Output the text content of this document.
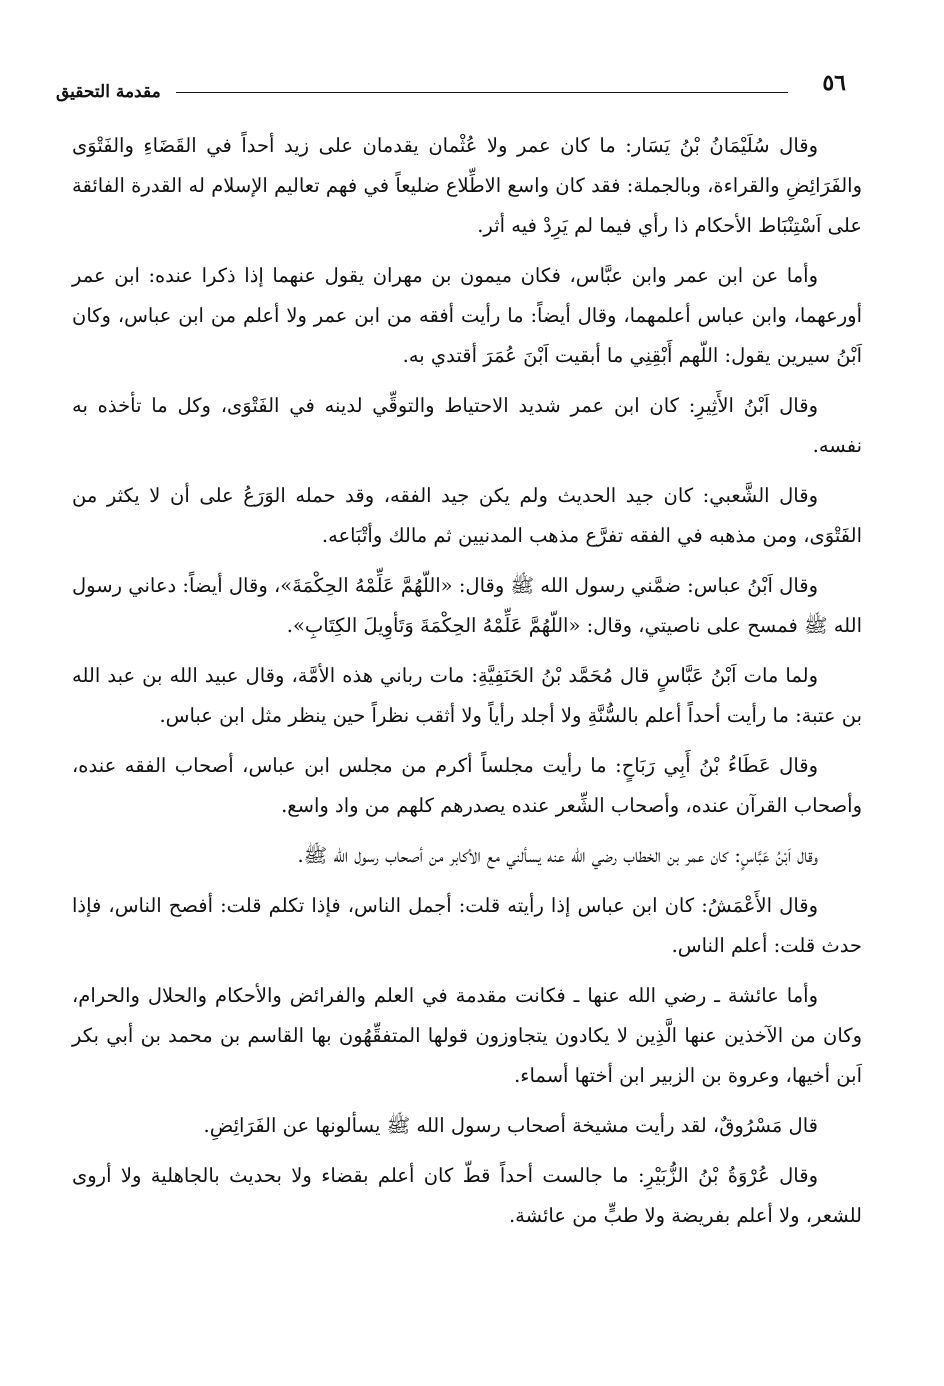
٥٦
مقدمة التحقيق

وقال سُلَيْمَانُ بْنُ يَسَار: ما كان عمر ولا عُثْمان يقدمان على زيد أحداً في القَضَاءِ والفَتْوَى والفَرَائِضِ والقراءة، وبالجملة: فقد كان واسع الاطِّلاع ضليعاً في فهم تعاليم الإسلام له القدرة الفائقة على اَسْتِنْبَاط الأحكام ذا رأي فيما لم يَرِدْ فيه أثر.

وأما عن ابن عمر وابن عبَّاس، فكان ميمون بن مهران يقول عنهما إذا ذكرا عنده: ابن عمر أورعهما، وابن عباس أعلمهما، وقال أيضاً: ما رأيت أفقه من ابن عمر ولا أعلم من ابن عباس، وكان اَبْنُ سيرين يقول: اللّهم أَبْقِنِي ما أبقيت اَبْنَ عُمَرَ أقتدي به.

وقال اَبْنُ الأَثِيرِ: كان ابن عمر شديد الاحتياط والتوقِّي لدينه في الفَتْوَى، وكل ما تأخذه به نفسه.

وقال الشَّعبي: كان جيد الحديث ولم يكن جيد الفقه، وقد حمله الوَرَعُ على أن لا يكثر من الفَتْوَى، ومن مذهبه في الفقه تفرَّع مذهب المدنيين ثم مالك وأتْبَاعه.

وقال اَبْنُ عباس: ضمَّني رسول الله ﷺ وقال: «اللّهُمَّ عَلِّمْهُ الحِكْمَةَ»، وقال أيضاً: دعاني رسول الله ﷺ فمسح على ناصيتي، وقال: «اللّهُمَّ عَلِّمْهُ الحِكْمَةَ وَتَأوِيلَ الكِتَابِ».

ولما مات اَبْنُ عَبَّاسٍ قال مُحَمَّد بْنُ الحَنَفِيَّةِ: مات رباني هذه الأمَّة، وقال عبيد الله بن عبد الله بن عتبة: ما رأيت أحداً أعلم بالسُّنَّةِ ولا أجلد رأياً ولا أثقب نظراً حين ينظر مثل ابن عباس.

وقال عَطَاءُ بْنُ أَبِي رَبَاحٍ: ما رأيت مجلساً أكرم من مجلس ابن عباس، أصحاب الفقه عنده، وأصحاب القرآن عنده، وأصحاب الشِّعر عنده يصدرهم كلهم من واد واسع.

وقال اَبْنُ عَبَّاسٍ: كان عمر بن الخطاب رضي الله عنه يسألني مع الأكابر من أصحاب رسول الله ﷺ.

وقال الأَعْمَشُ: كان ابن عباس إذا رأيته قلت: أجمل الناس، فإذا تكلم قلت: أفصح الناس، فإذا حدث قلت: أعلم الناس.

وأما عائشة ـ رضي الله عنها ـ فكانت مقدمة في العلم والفرائض والأحكام والحلال والحرام، وكان من الآخذين عنها الَّذِين لا يكادون يتجاوزون قولها المتفقِّهُون بها القاسم بن محمد بن أبي بكر اَبن أخيها، وعروة بن الزبير ابن أختها أسماء.

قال مَسْرُوقٌ، لقد رأيت مشيخة أصحاب رسول الله ﷺ يسألونها عن الفَرَائِضِ.

وقال عُرْوَةُ بْنُ الزُّبَيْرِ: ما جالست أحداً قطّ كان أعلم بقضاء ولا بحديث بالجاهلية ولا أروى للشعر، ولا أعلم بفريضة ولا طبٍّ من عائشة.
